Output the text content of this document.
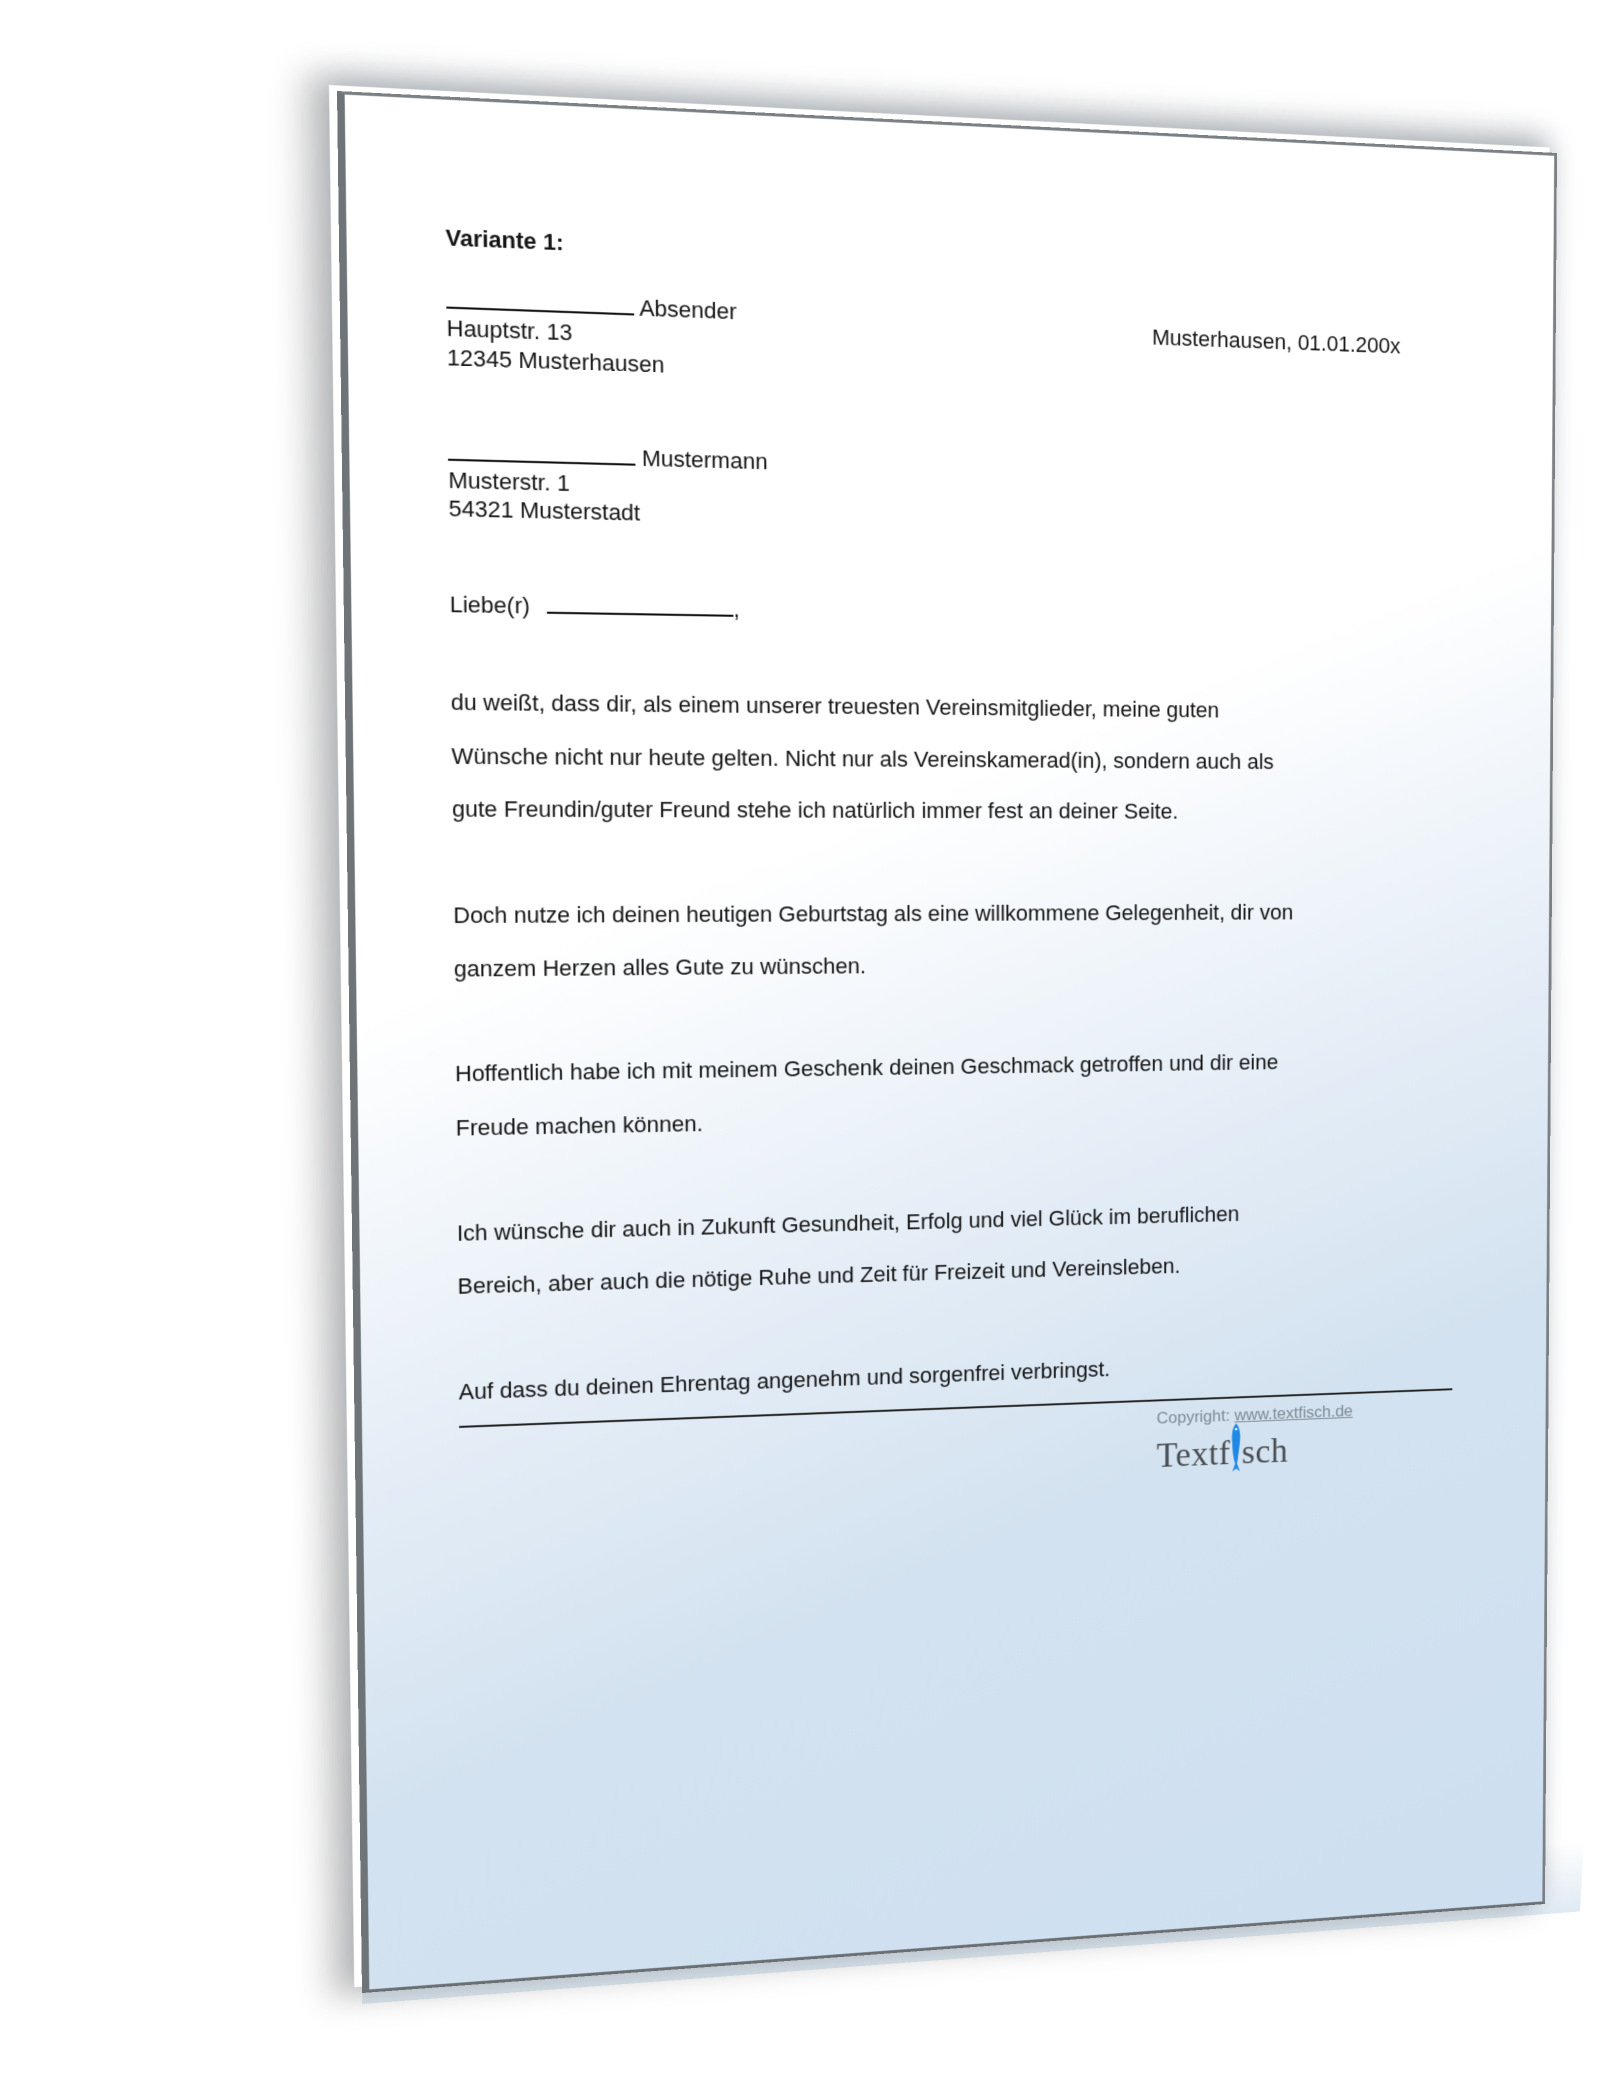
Variante 1:
Absender
Hauptstr. 13
12345 Musterhausen
Musterhausen, 01.01.200x
Mustermann
Musterstr. 1
54321 Musterstadt
Liebe(r)	,
du weißt, dass dir, als einem unserer treuesten Vereinsmitglieder, meine guten
Wünsche nicht nur heute gelten. Nicht nur als Vereinskamerad(in), sondern auch als
gute Freundin/guter Freund stehe ich natürlich immer fest an deiner Seite.
Doch nutze ich deinen heutigen Geburtstag als eine willkommene Gelegenheit, dir von
ganzem Herzen alles Gute zu wünschen.
Hoffentlich habe ich mit meinem Geschenk deinen Geschmack getroffen und dir eine
Freude machen können.
Ich wünsche dir auch in Zukunft Gesundheit, Erfolg und viel Glück im beruflichen
Bereich, aber auch die nötige Ruhe und Zeit für Freizeit und Vereinsleben.
Auf dass du deinen Ehrentag angenehm und sorgenfrei verbringst.
Copyright: www.textfisch.de
Textf sch
